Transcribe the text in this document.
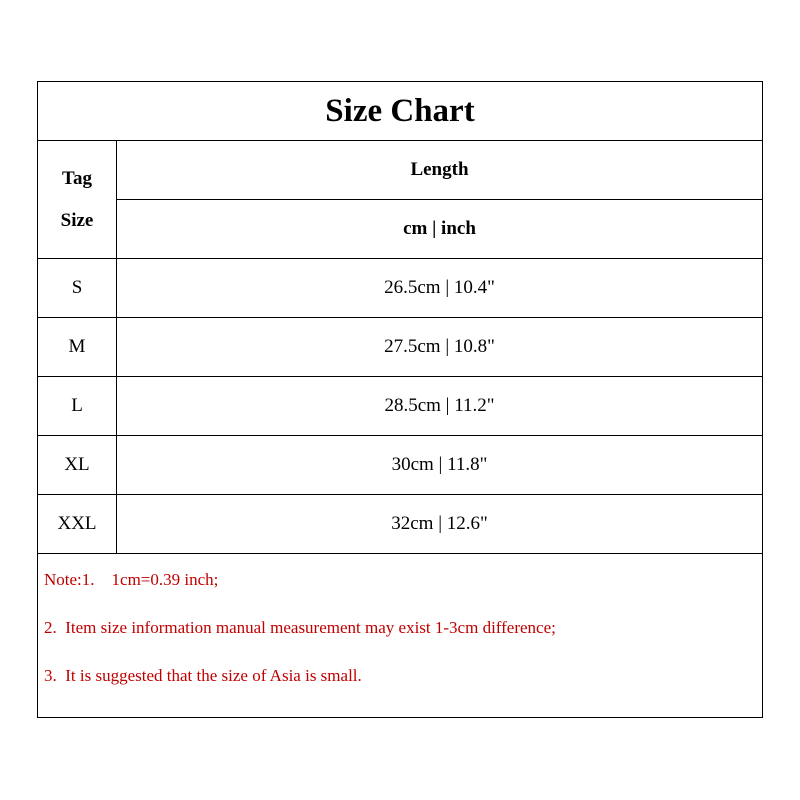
Size Chart
Tag
Size
Length
cm | inch
S	26.5cm | 10.4"
M	27.5cm | 10.8"
L	28.5cm | 11.2"
XL	30cm | 11.8"
XXL	32cm | 12.6"
Note:1.    1cm=0.39 inch;
2.  Item size information manual measurement may exist 1-3cm difference;
3.  It is suggested that the size of Asia is small.
